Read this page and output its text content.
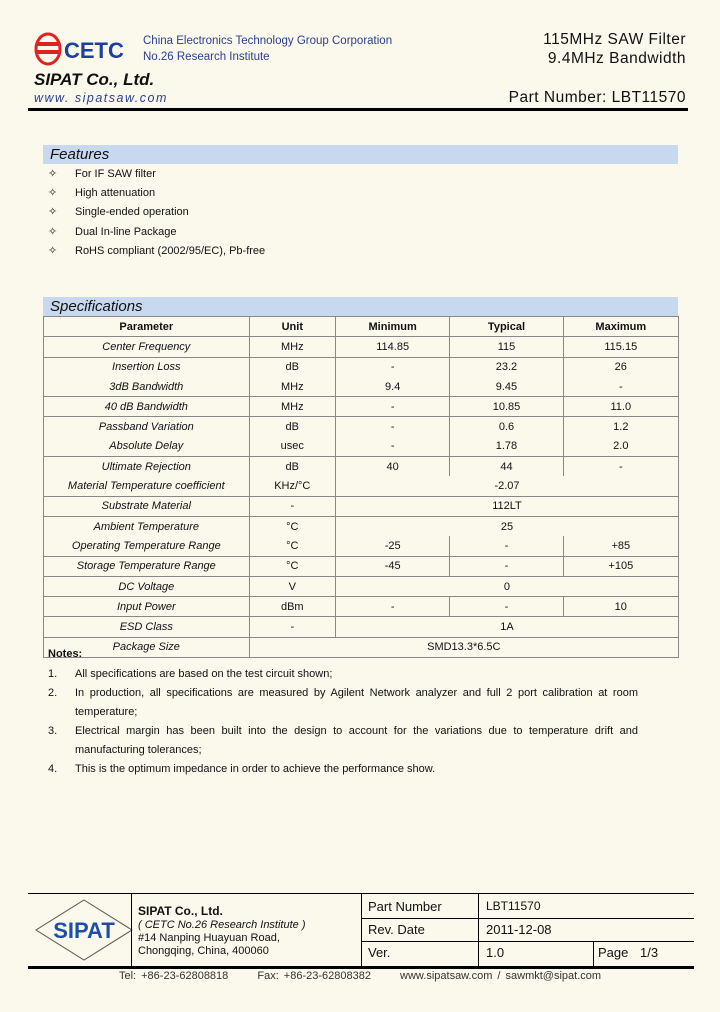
CETC China Electronics Technology Group Corporation
No.26 Research Institute
115MHz SAW Filter
9.4MHz Bandwidth
SIPAT Co., Ltd.
www. sipatsaw.com	Part Number: LBT11570
Features
✧ For IF SAW filter
✧ High attenuation
✧ Single-ended operation
✧ Dual In-line Package
✧ RoHS compliant (2002/95/EC), Pb-free
Specifications
Parameter	Unit	Minimum	Typical	Maximum
Center Frequency	MHz	114.85	115	115.15
Insertion Loss	dB	-	23.2	26
3dB Bandwidth	MHz	9.4	9.45	-
40 dB Bandwidth	MHz	-	10.85	11.0
Passband Variation	dB	-	0.6	1.2
Absolute Delay	usec	-	1.78	2.0
Ultimate Rejection	dB	40	44	-
Material Temperature coefficient	KHz/°C	-2.07		
Substrate Material	-	112LT		
Ambient Temperature	°C	25		
Operating Temperature Range	°C	-25	-	+85
Storage Temperature Range	°C	-45	-	+105
DC Voltage	V	0		
Input Power	dBm	-	-	10
ESD Class	-	1A		
Package Size	SMD13.3*6.5C			
Notes:
1. All specifications are based on the test circuit shown;
2. In production, all specifications are measured by Agilent Network analyzer and full 2 port calibration at room temperature;
3. Electrical margin has been built into the design to account for the variations due to temperature drift and manufacturing tolerances;
4. This is the optimum impedance in order to achieve the performance show.
SIPAT
SIPAT Co., Ltd.
( CETC No.26 Research Institute )
#14 Nanping Huayuan Road,
Chongqing, China, 400060
Part Number	LBT11570
Rev. Date	2011-12-08
Ver.	1.0	Page 1/3
Tel: +86-23-62808818	Fax: +86-23-62808382	www.sipatsaw.com / sawmkt@sipat.com
